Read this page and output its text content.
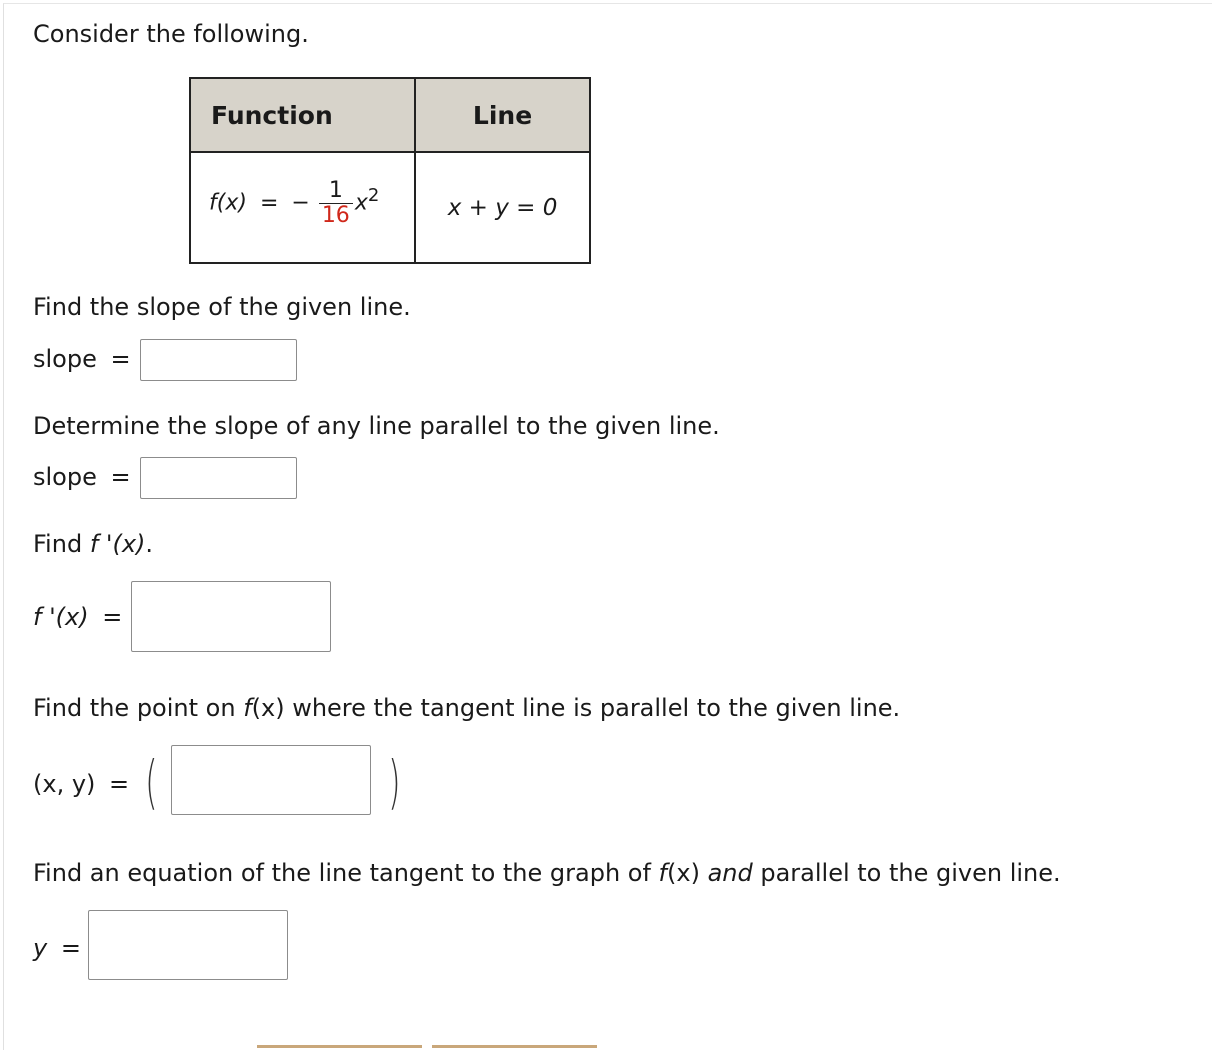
Consider the following.
Function	Line

f(x) = − $\frac{1}{16} x^2$	x + y = 0
Find the slope of the given line.
slope =
Determine the slope of any line parallel to the given line.
slope =
Find f '(x).
f '(x) =
Find the point on f(x) where the tangent line is parallel to the given line.
(x, y) = (	)
Find an equation of the line tangent to the graph of f(x) and parallel to the given line.
y =
